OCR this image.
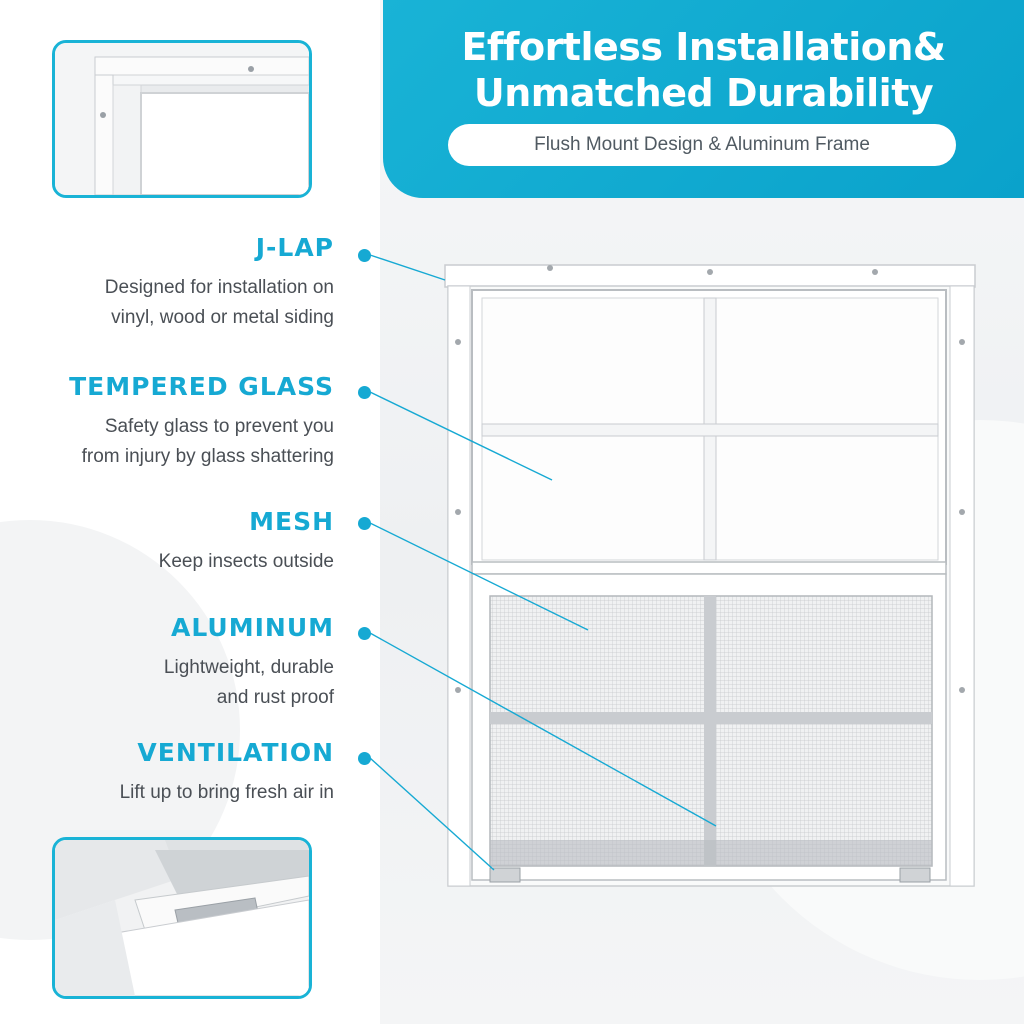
Effortless Installation&
Unmatched Durability
Flush Mount Design & Aluminum Frame
J-LAP
Designed for installation on
vinyl, wood or metal siding
TEMPERED GLASS
Safety glass to prevent you
from injury by glass shattering
MESH
Keep insects outside
ALUMINUM
Lightweight, durable
and rust proof
VENTILATION
Lift up to bring fresh air in
